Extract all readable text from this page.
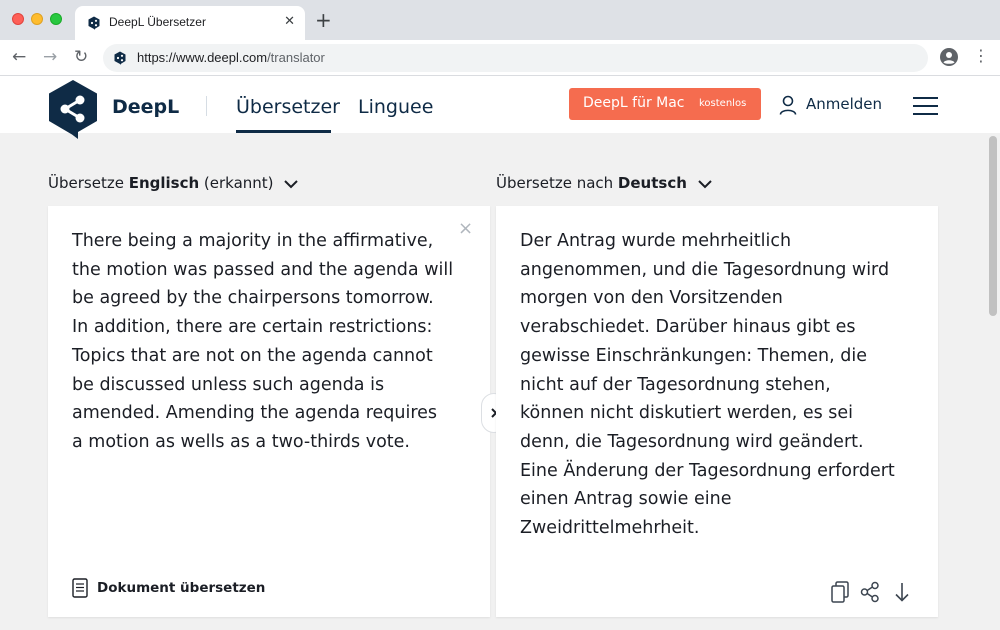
DeepL Übersetzer	✕ +
← → ↻	https://www.deepl.com/translator	⋮
DeepL	Übersetzer Linguee	DeepL für Mac kostenlos	Anmelden
Übersetze Englisch (erkannt)	Übersetze nach Deutsch
There being a majority in the affirmative,
the motion was passed and the agenda will
be agreed by the chairpersons tomorrow.
In addition, there are certain restrictions:
Topics that are not on the agenda cannot
be discussed unless such agenda is
amended. Amending the agenda requires
a motion as wells as a two-thirds vote.
×
Dokument übersetzen
Der Antrag wurde mehrheitlich
angenommen, und die Tagesordnung wird
morgen von den Vorsitzenden
verabschiedet. Darüber hinaus gibt es
gewisse Einschränkungen: Themen, die
nicht auf der Tagesordnung stehen,
können nicht diskutiert werden, es sei
denn, die Tagesordnung wird geändert.
Eine Änderung der Tagesordnung erfordert
einen Antrag sowie eine
Zweidrittelmehrheit.
